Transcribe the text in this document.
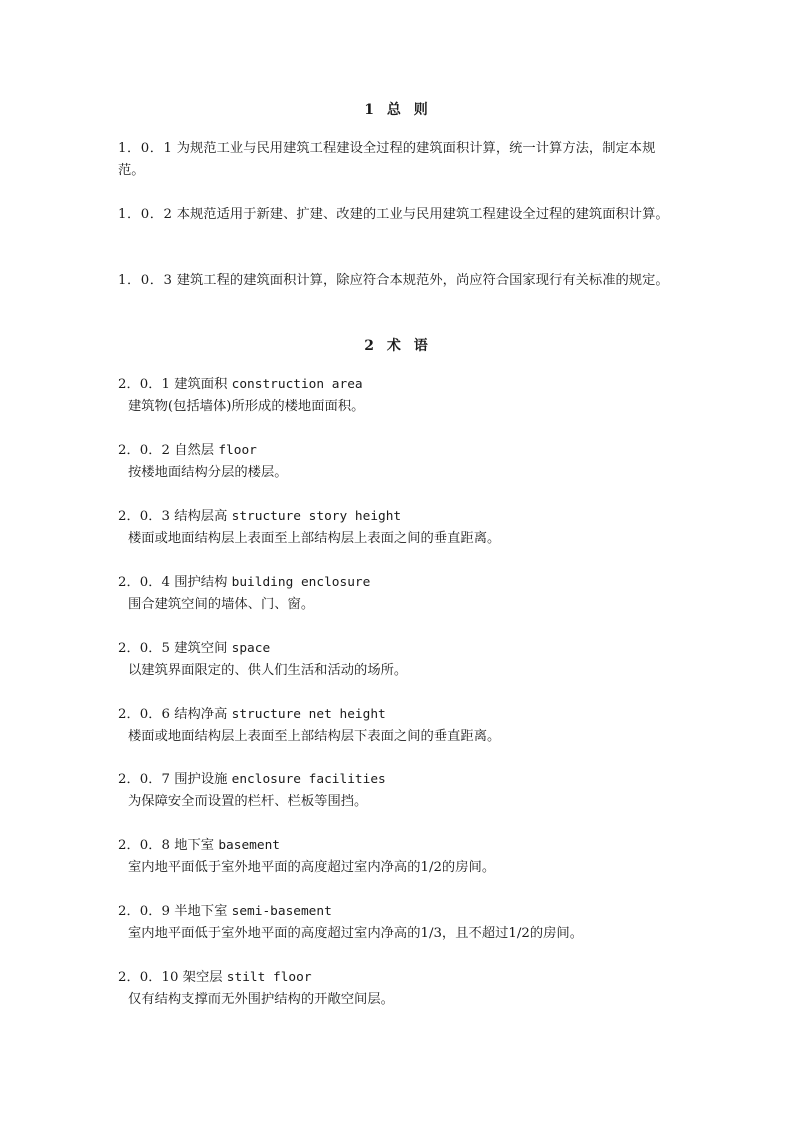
1 总 则
1．0．1 为规范工业与民用建筑工程建设全过程的建筑面积计算，统一计算方法，制定本规范。
1．0．2 本规范适用于新建、扩建、改建的工业与民用建筑工程建设全过程的建筑面积计算。
1．0．3 建筑工程的建筑面积计算，除应符合本规范外，尚应符合国家现行有关标准的规定。
2 术 语
2．0．1 建筑面积 construction area
建筑物(包括墙体)所形成的楼地面面积。
2．0．2 自然层 floor
按楼地面结构分层的楼层。
2．0．3 结构层高 structure story height
楼面或地面结构层上表面至上部结构层上表面之间的垂直距离。
2．0．4 围护结构 building enclosure
围合建筑空间的墙体、门、窗。
2．0．5 建筑空间 space
以建筑界面限定的、供人们生活和活动的场所。
2．0．6 结构净高 structure net height
楼面或地面结构层上表面至上部结构层下表面之间的垂直距离。
2．0．7 围护设施 enclosure facilities
为保障安全而设置的栏杆、栏板等围挡。
2．0．8 地下室 basement
室内地平面低于室外地平面的高度超过室内净高的1/2的房间。
2．0．9 半地下室 semi-basement
室内地平面低于室外地平面的高度超过室内净高的1/3，且不超过1/2的房间。
2．0．10 架空层 stilt floor
仅有结构支撑而无外围护结构的开敞空间层。
